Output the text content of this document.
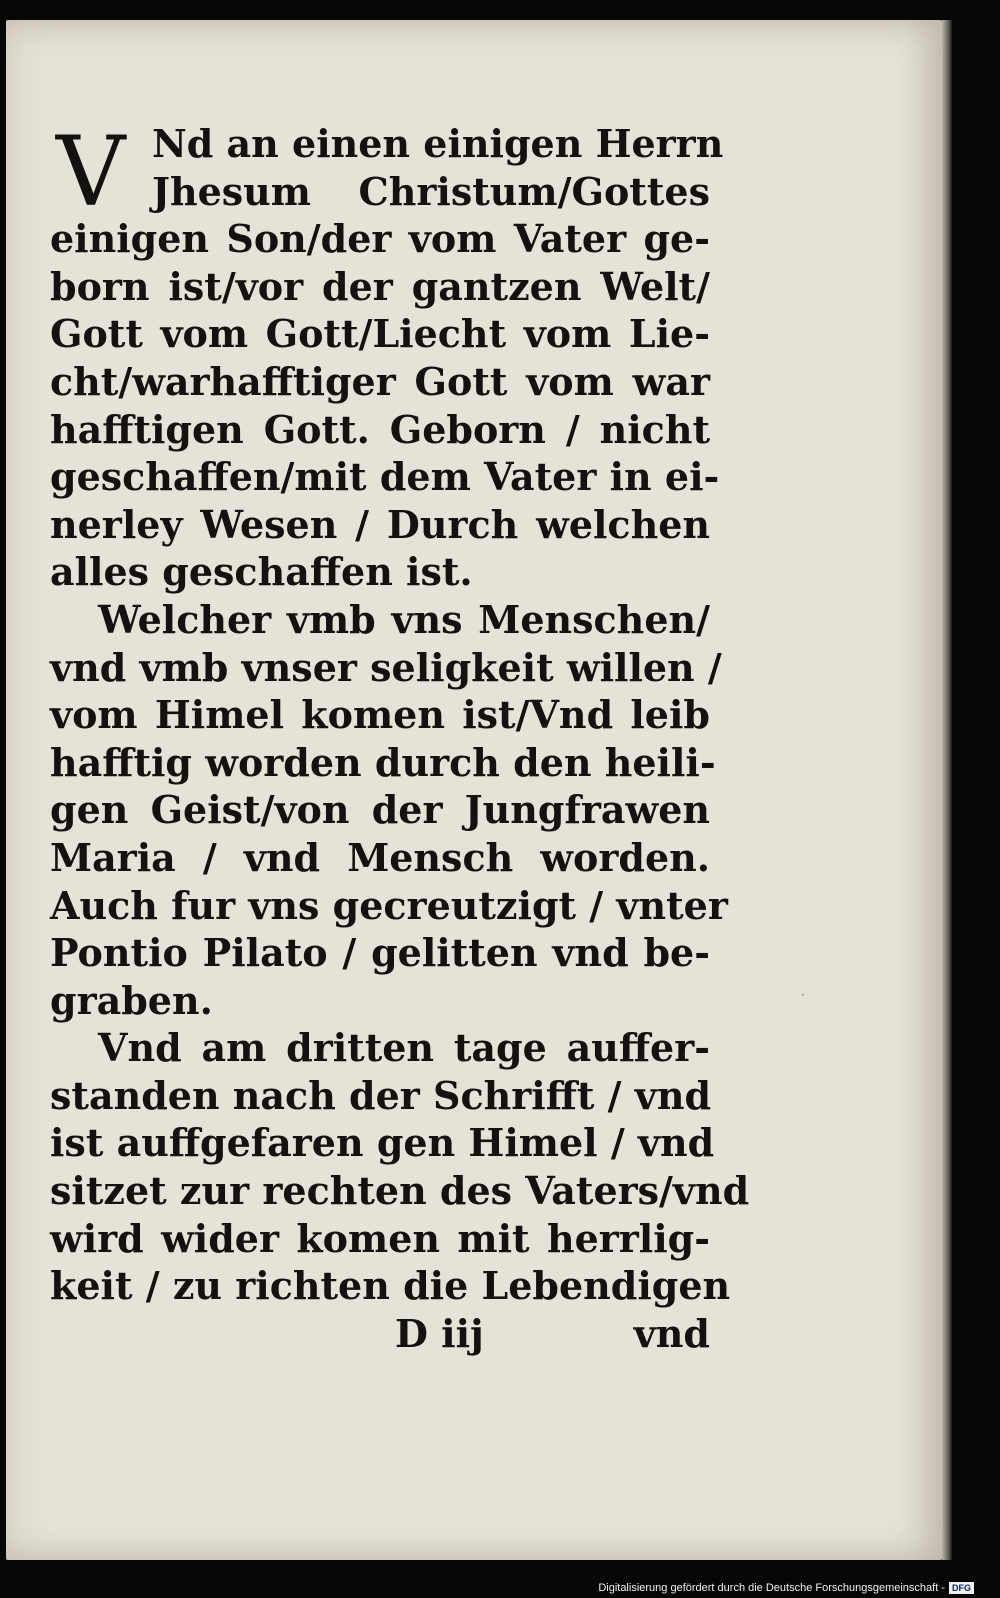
V Nd an einen einigen Herrn
Jhesum Christum/Gottes
einigen Son/der vom Vater ge-
born ist/vor der gantzen Welt/
Gott vom Gott/Liecht vom Lie-
cht/warhafftiger Gott vom war
hafftigen Gott. Geborn / nicht
geschaffen/mit dem Vater in ei-
nerley Wesen / Durch welchen
alles geschaffen ist.
Welcher vmb vns Menschen/
vnd vmb vnser seligkeit willen /
vom Himel komen ist/Vnd leib
hafftig worden durch den heili-
gen Geist/von der Jungfrawen
Maria / vnd Mensch worden.
Auch fur vns gecreutzigt / vnter
Pontio Pilato / gelitten vnd be-
graben.
Vnd am dritten tage auffer-
standen nach der Schrifft / vnd
ist auffgefaren gen Himel / vnd
sitzet zur rechten des Vaters/vnd
wird wider komen mit herrlig-
keit / zu richten die Lebendigen
D iij	vnd
·
Digitalisierung gefördert durch die Deutsche Forschungsgemeinschaft - DFG
